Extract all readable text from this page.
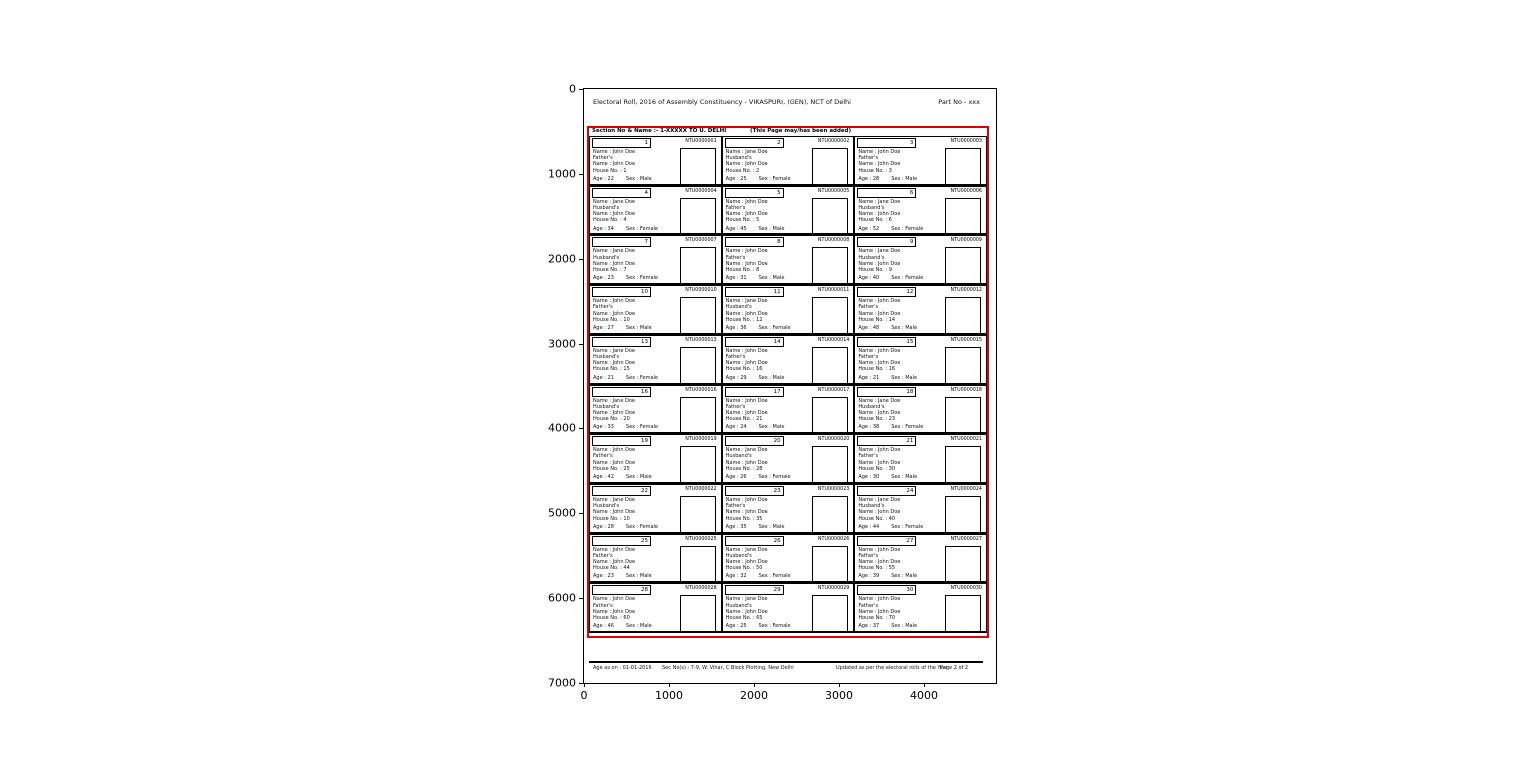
0
1000
2000
3000
4000
5000
6000
7000
0	1000	2000	3000	4000
Electoral Roll, 2016 of Assembly Constituency - VIKASPURI, (GEN), NCT of Delhi	Part No - xxx
Section No & Name :- 1-XXXXX TO U. DELHI	(This Page may/has been added)
1	NTU0000001
Name : John Doe
Father's
Name : John Doe
House No. : 1
Age : 22 Sex : Male
2	NTU0000002
Name : Jane Doe
Husband's
Name : John Doe
House No. : 2
Age : 25 Sex : Female
3	NTU0000003
Name : John Doe
Father's
Name : John Doe
House No. : 3
Age : 28 Sex : Male
4	NTU0000004
Name : Jane Doe
Husband's
Name : John Doe
House No. : 4
Age : 34 Sex : Female
5	NTU0000005
Name : John Doe
Father's
Name : John Doe
House No. : 5
Age : 45 Sex : Male
6	NTU0000006
Name : Jane Doe
Husband's
Name : John Doe
House No. : 6
Age : 52 Sex : Female
7	NTU0000007
Name : Jane Doe
Husband's
Name : John Doe
House No. : 7
Age : 23 Sex : Female
8	NTU0000008
Name : John Doe
Father's
Name : John Doe
House No. : 8
Age : 31 Sex : Male
9	NTU0000009
Name : Jane Doe
Husband's
Name : John Doe
House No. : 9
Age : 40 Sex : Female
10	NTU0000010
Name : John Doe
Father's
Name : John Doe
House No. : 10
Age : 27 Sex : Male
11	NTU0000011
Name : Jane Doe
Husband's
Name : John Doe
House No. : 12
Age : 36 Sex : Female
12	NTU0000012
Name : John Doe
Father's
Name : John Doe
House No. : 14
Age : 48 Sex : Male
13	NTU0000013
Name : Jane Doe
Husband's
Name : John Doe
House No. : 15
Age : 21 Sex : Female
14	NTU0000014
Name : John Doe
Father's
Name : John Doe
House No. : 16
Age : 29 Sex : Male
15	NTU0000015
Name : John Doe
Father's
Name : John Doe
House No. : 16
Age : 21 Sex : Male
16	NTU0000016
Name : Jane Doe
Husband's
Name : John Doe
House No. : 20
Age : 33 Sex : Female
17	NTU0000017
Name : John Doe
Father's
Name : John Doe
House No. : 21
Age : 24 Sex : Male
18	NTU0000018
Name : Jane Doe
Husband's
Name : John Doe
House No. : 23
Age : 38 Sex : Female
19	NTU0000019
Name : John Doe
Father's
Name : John Doe
House No. : 25
Age : 42 Sex : Male
20	NTU0000020
Name : Jane Doe
Husband's
Name : John Doe
House No. : 28
Age : 26 Sex : Female
21	NTU0000021
Name : John Doe
Father's
Name : John Doe
House No. : 30
Age : 30 Sex : Male
22	NTU0000022
Name : Jane Doe
Husband's
Name : John Doe
House No. : 10
Age : 28 Sex : Female
23	NTU0000023
Name : John Doe
Father's
Name : John Doe
House No. : 35
Age : 35 Sex : Male
24	NTU0000024
Name : Jane Doe
Husband's
Name : John Doe
House No. : 40
Age : 44 Sex : Female
25	NTU0000025
Name : John Doe
Father's
Name : John Doe
House No. : 44
Age : 23 Sex : Male
26	NTU0000026
Name : Jane Doe
Husband's
Name : John Doe
House No. : 50
Age : 32 Sex : Female
27	NTU0000027
Name : John Doe
Father's
Name : John Doe
House No. : 55
Age : 39 Sex : Male
28	NTU0000028
Name : John Doe
Father's
Name : John Doe
House No. : 60
Age : 46 Sex : Male
29	NTU0000029
Name : Jane Doe
Husband's
Name : John Doe
House No. : 65
Age : 25 Sex : Female
30	NTU0000030
Name : John Doe
Father's
Name : John Doe
House No. : 70
Age : 37 Sex : Male
Age as on : 01-01-2016 Sec No(s) : 7-9, W. Vihar, C Block Plotting, New Delhi	Updated as per the electoral rolls of the Year
Page 2 of 2
